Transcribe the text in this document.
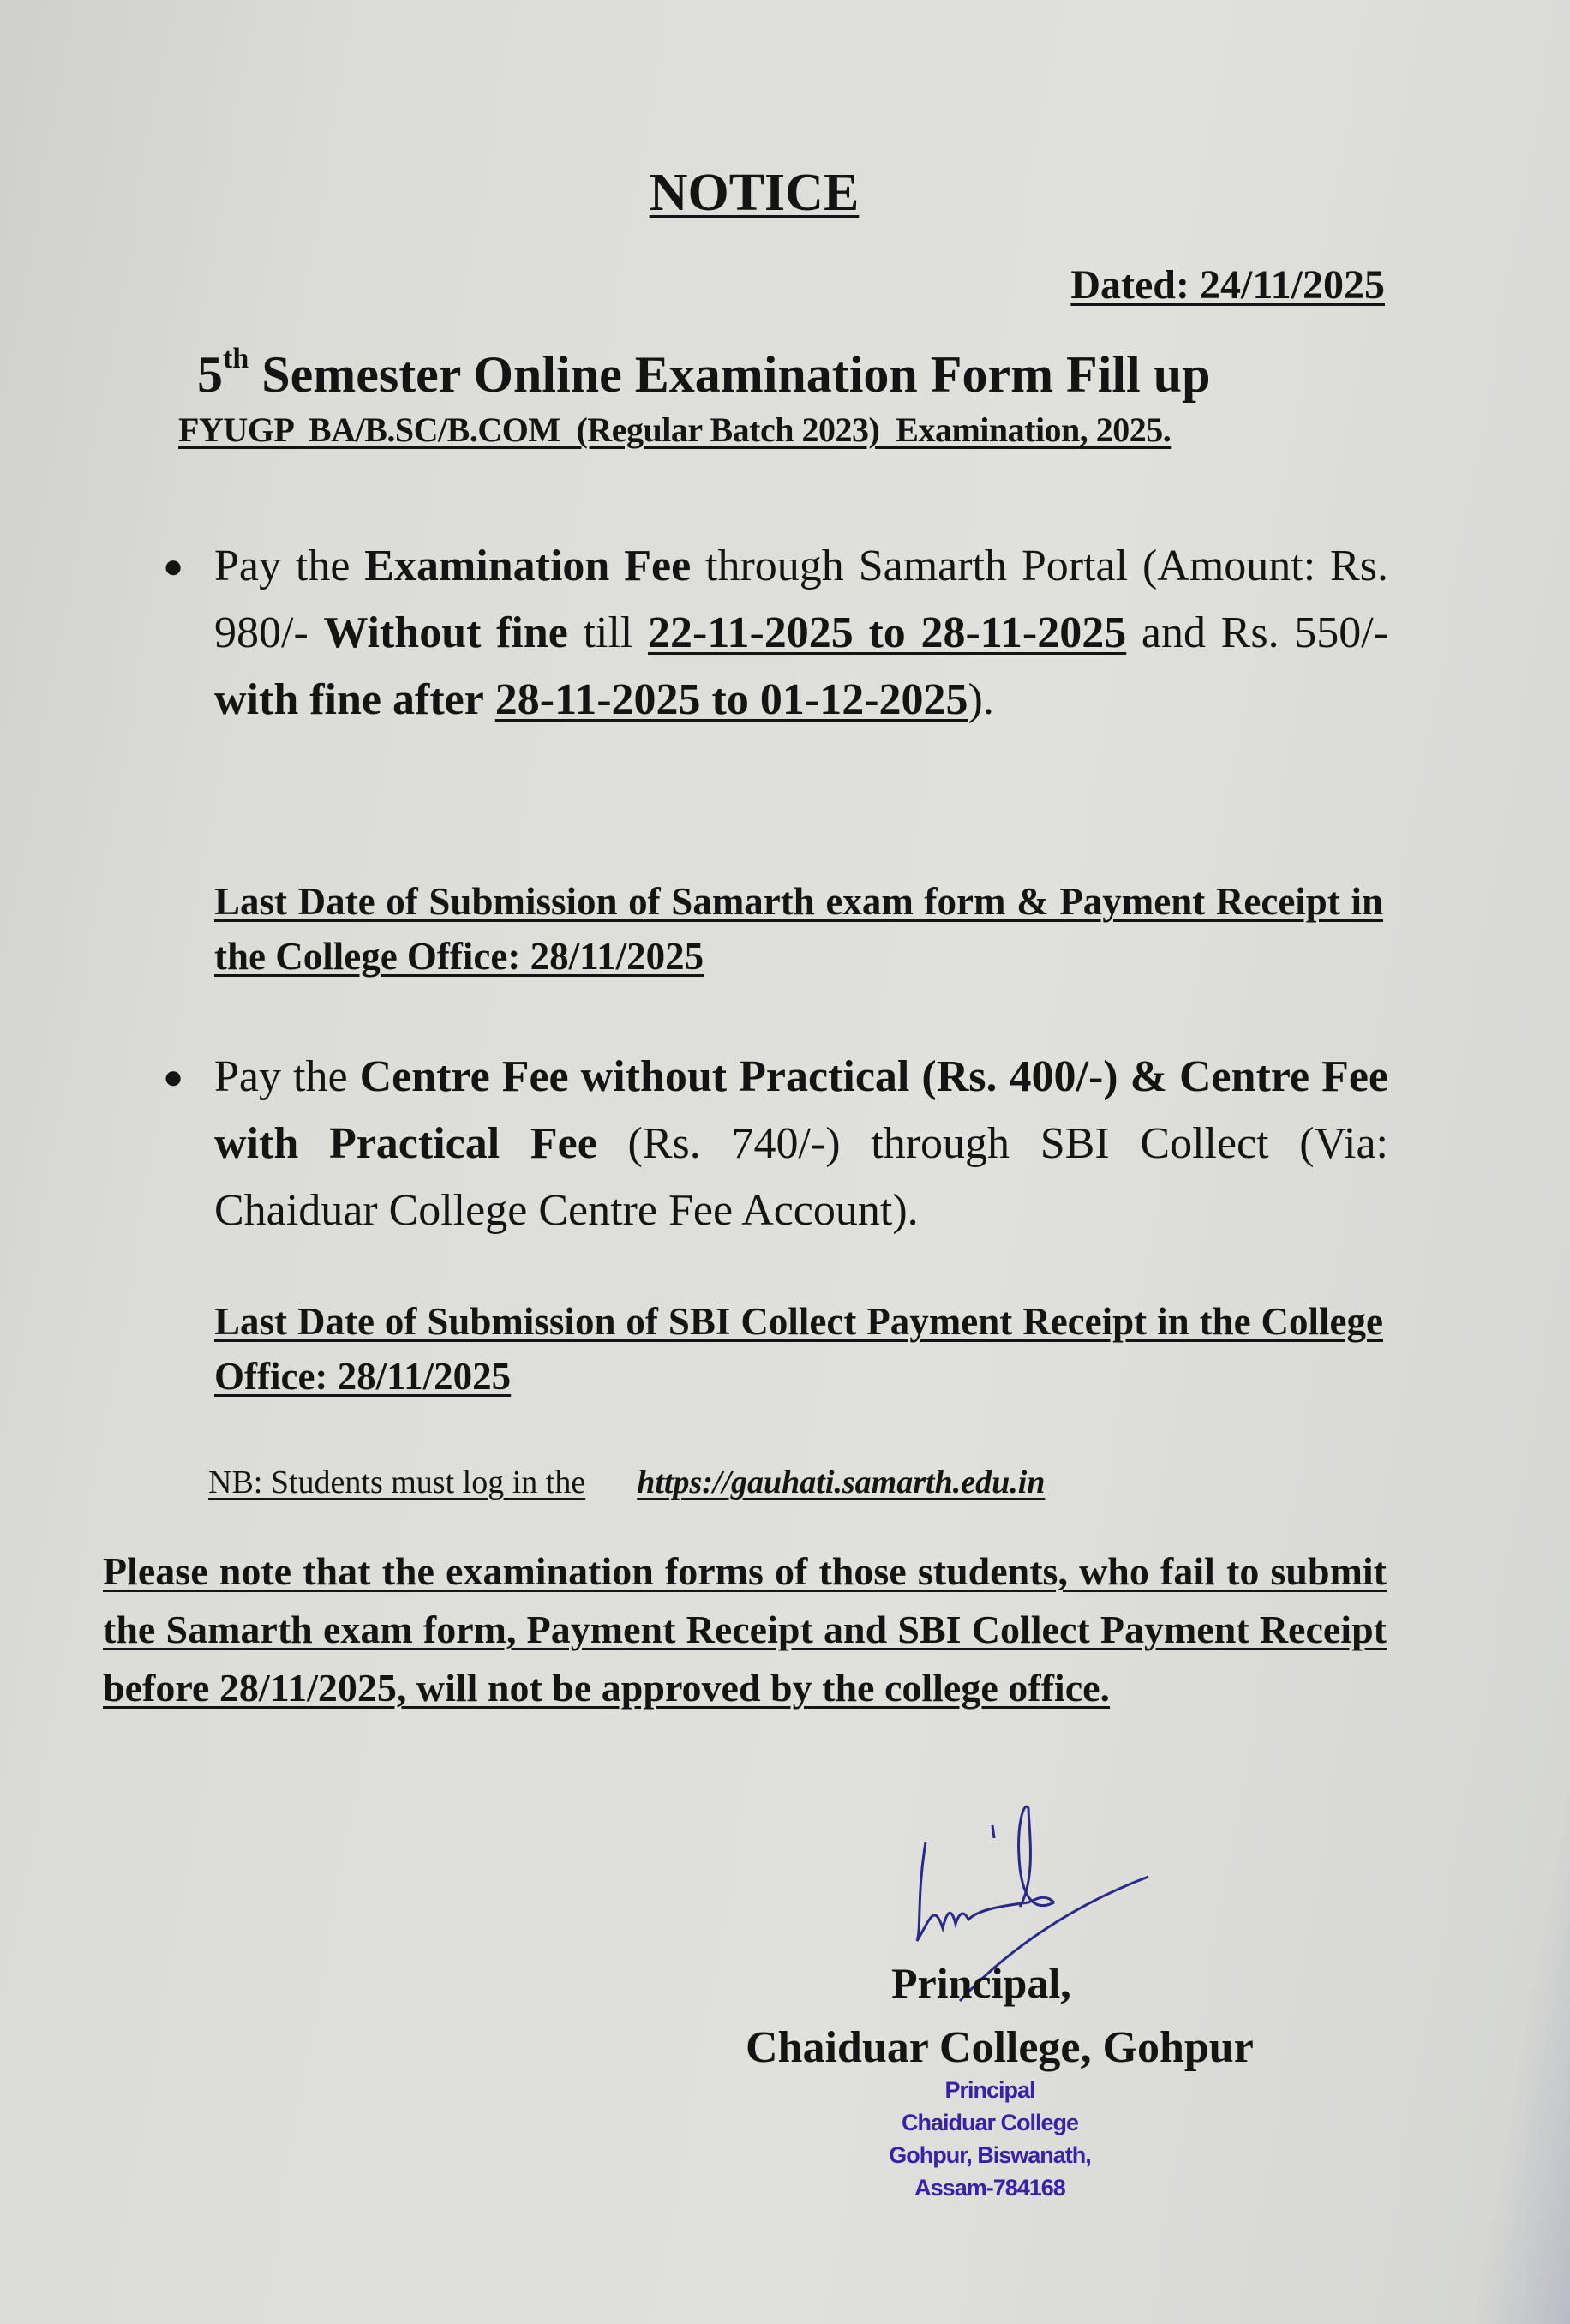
NOTICE
Dated: 24/11/2025
5th Semester Online Examination Form Fill up
FYUGP  BA/B.SC/B.COM  (Regular Batch 2023)  Examination, 2025.
● Pay the Examination Fee through Samarth Portal (Amount: Rs. 980/- Without fine till 22-11-2025 to 28-11-2025 and Rs. 550/- with fine after 28-11-2025 to 01-12-2025).
Last Date of Submission of Samarth exam form & Payment Receipt in the College Office: 28/11/2025
● Pay the Centre Fee without Practical (Rs. 400/-) & Centre Fee with Practical Fee (Rs. 740/-) through SBI Collect (Via: Chaiduar College Centre Fee Account).
Last Date of Submission of SBI Collect Payment Receipt in the College Office: 28/11/2025
NB: Students must log in the https://gauhati.samarth.edu.in
Please note that the examination forms of those students, who fail to submit the Samarth exam form, Payment Receipt and SBI Collect Payment Receipt before 28/11/2025, will not be approved by the college office.
Principal,
Chaiduar College, Gohpur
Principal
Chaiduar College
Gohpur, Biswanath,
Assam-784168
